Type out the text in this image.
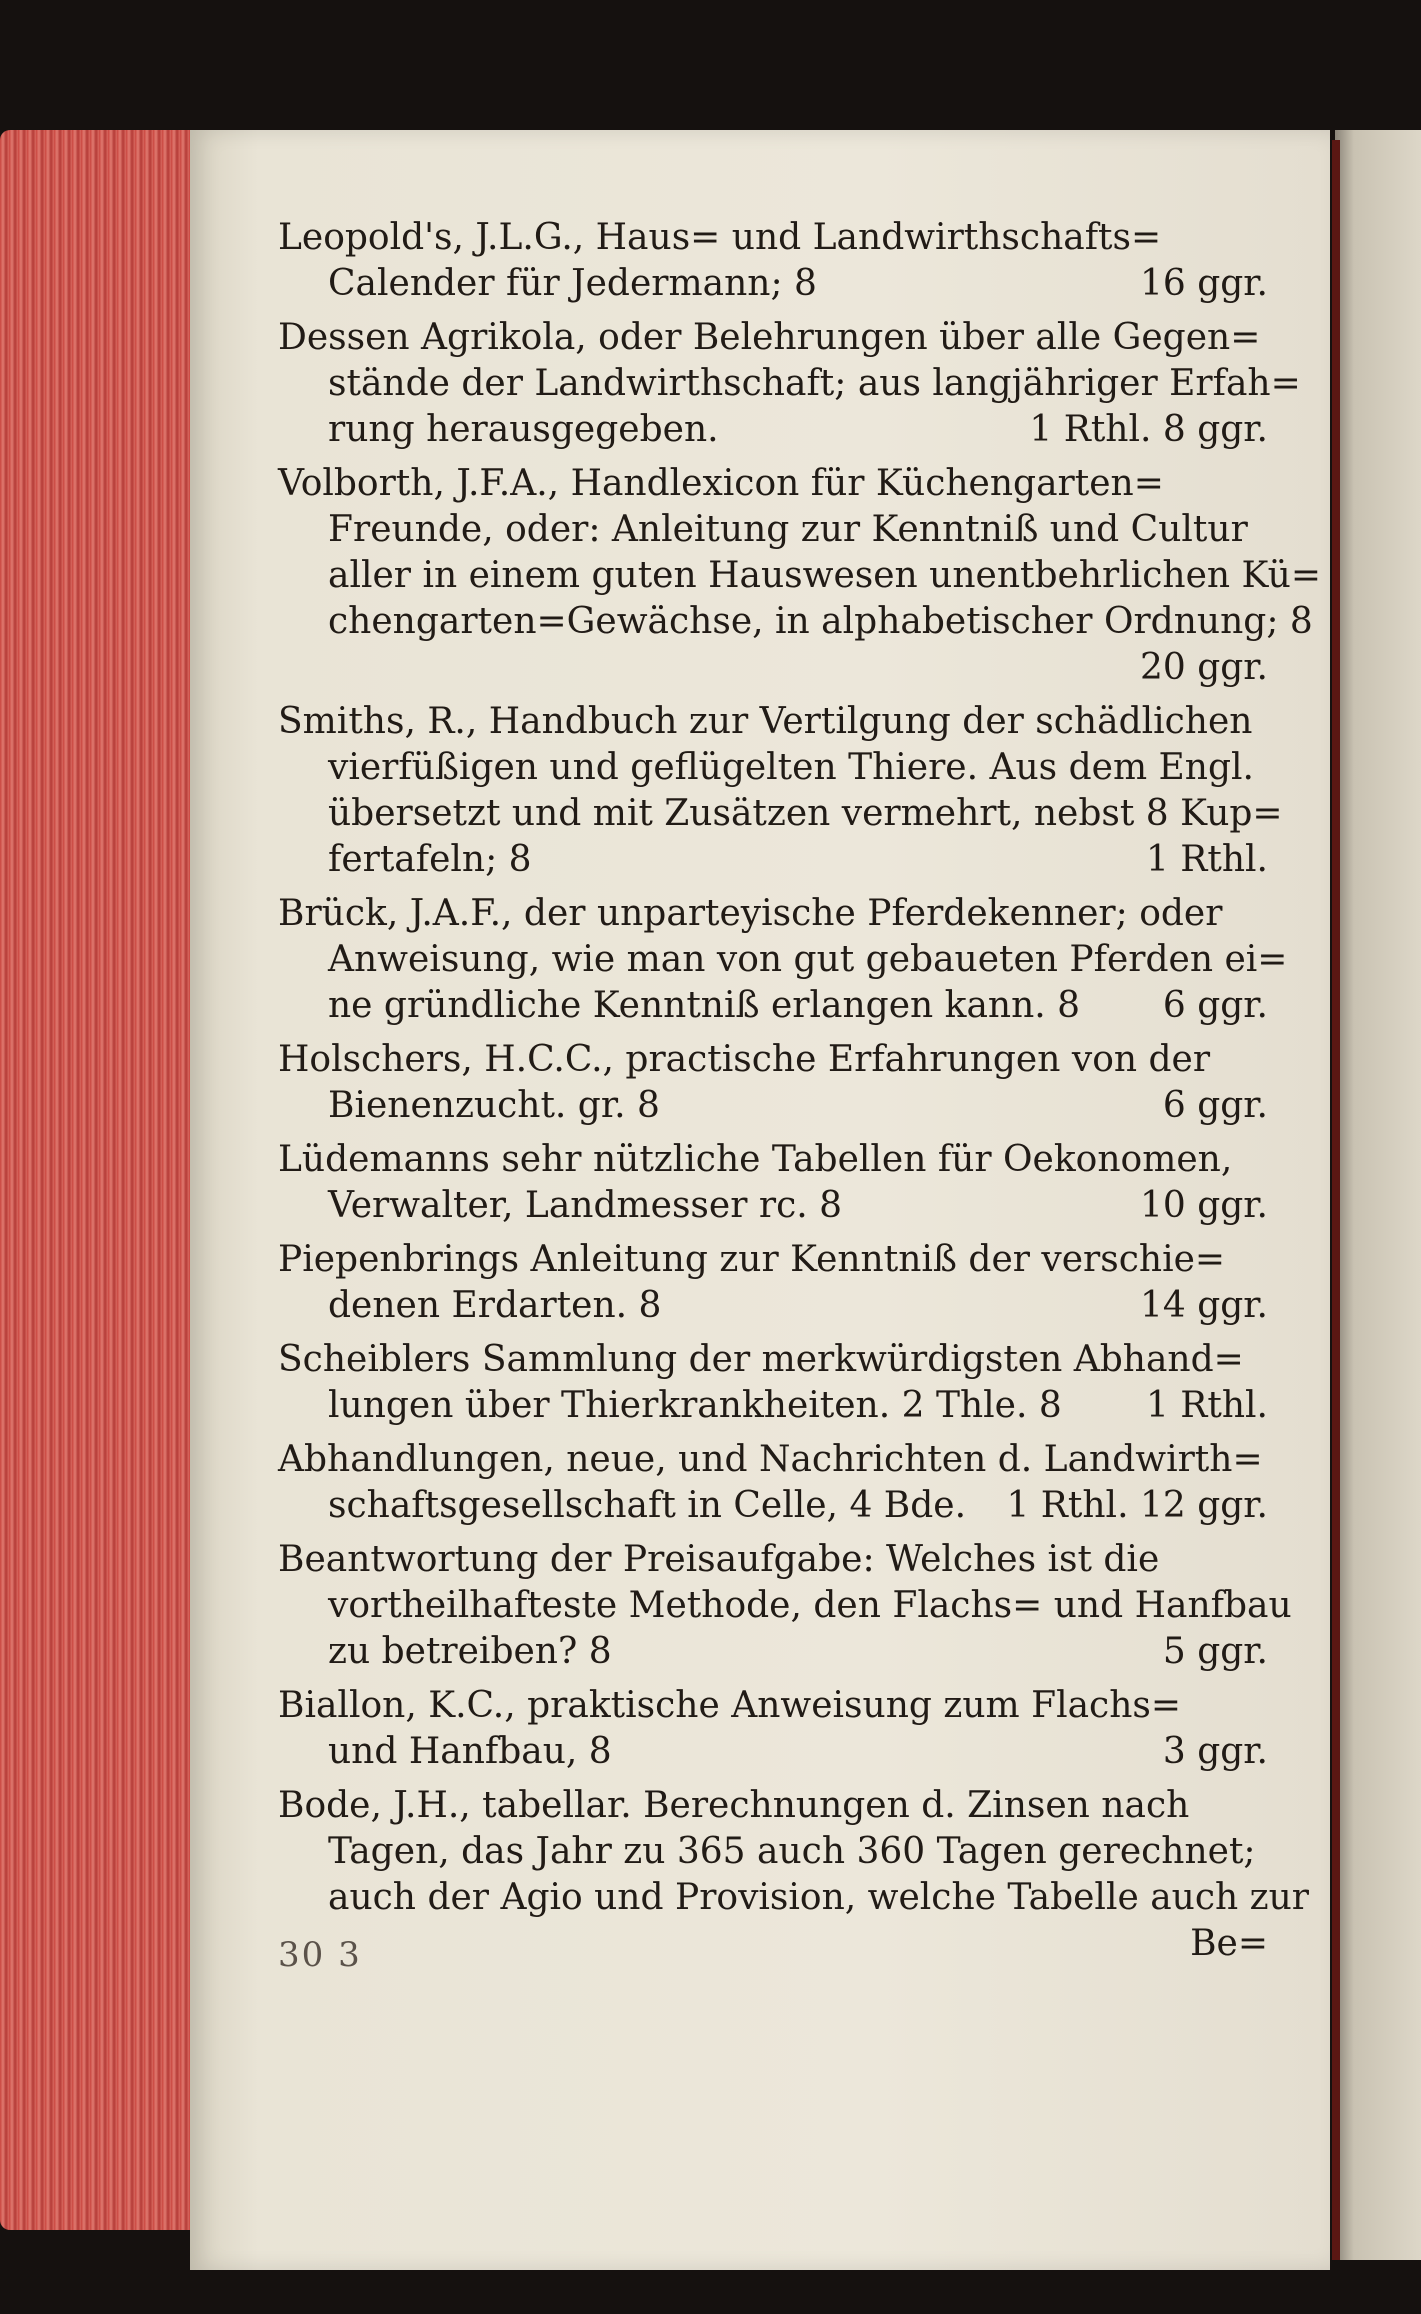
Leopold's, J.L.G., Haus= und Landwirthschafts=
Calender für Jedermann; 8	16 ggr.
Dessen Agrikola, oder Belehrungen über alle Gegen=
stände der Landwirthschaft; aus langjähriger Erfah=
rung herausgegeben.	1 Rthl. 8 ggr.
Volborth, J.F.A., Handlexicon für Küchengarten=
Freunde, oder: Anleitung zur Kenntniß und Cultur
aller in einem guten Hauswesen unentbehrlichen Kü=
chengarten=Gewächse, in alphabetischer Ordnung; 8
20 ggr.
Smiths, R., Handbuch zur Vertilgung der schädlichen
vierfüßigen und geflügelten Thiere. Aus dem Engl.
übersetzt und mit Zusätzen vermehrt, nebst 8 Kup=
fertafeln; 8	1 Rthl.
Brück, J.A.F., der unparteyische Pferdekenner; oder
Anweisung, wie man von gut gebaueten Pferden ei=
ne gründliche Kenntniß erlangen kann. 8 6 ggr.
Holschers, H.C.C., practische Erfahrungen von der
Bienenzucht. gr. 8	6 ggr.
Lüdemanns sehr nützliche Tabellen für Oekonomen,
Verwalter, Landmesser rc. 8	10 ggr.
Piepenbrings Anleitung zur Kenntniß der verschie=
denen Erdarten. 8	14 ggr.
Scheiblers Sammlung der merkwürdigsten Abhand=
lungen über Thierkrankheiten. 2 Thle. 8 1 Rthl.
Abhandlungen, neue, und Nachrichten d. Landwirth=
schaftsgesellschaft in Celle, 4 Bde. 1 Rthl. 12 ggr.
Beantwortung der Preisaufgabe: Welches ist die
vortheilhafteste Methode, den Flachs= und Hanfbau
zu betreiben? 8	5 ggr.
Biallon, K.C., praktische Anweisung zum Flachs=
und Hanfbau, 8	3 ggr.
Bode, J.H., tabellar. Berechnungen d. Zinsen nach
Tagen, das Jahr zu 365 auch 360 Tagen gerechnet;
auch der Agio und Provision, welche Tabelle auch zur
Be=
30 3
